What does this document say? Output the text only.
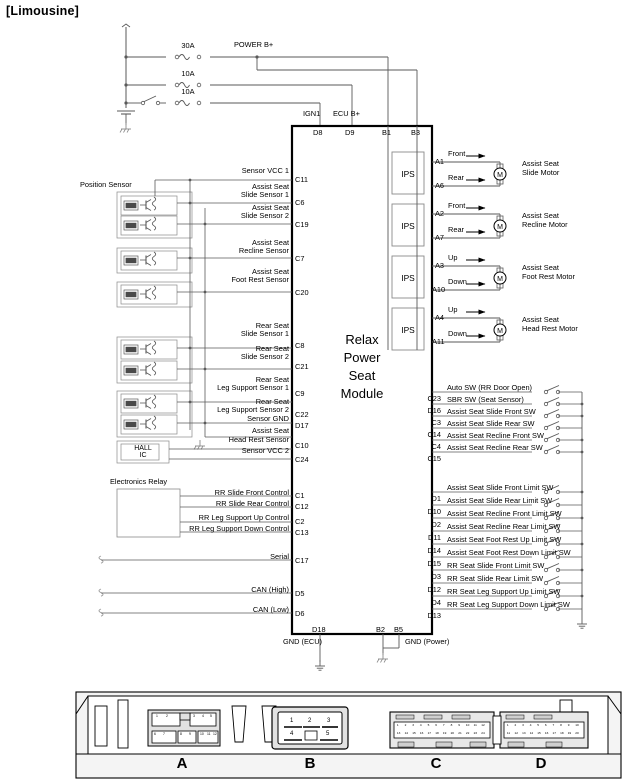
[Limousine]
M
M
M
M
30A
10A
10A
POWER B+
IGN1 ECU B+
D8	D9	B1	B3
Relax
Power
Seat
Module
IPS
IPS
IPS
IPS
A1
A6
Front
Rear
Assist Seat
Slide Motor
A2
A7
Front
Rear
Assist Seat
Recline Motor
A3
A10
Up
Down
Assist Seat
Foot Rest Motor
A4
A11
Up
Down
Assist Seat
Head Rest Motor
Position Sensor
HALL
IC
Electronics Relay
Sensor VCC 1
C11
Assist Seat
Slide Sensor 1
C6
Assist Seat
Slide Sensor 2
C19
Assist Seat
Recline Sensor
C7
Assist Seat
Foot Rest Sensor
C20
Rear Seat
Slide Sensor 1
C8
Rear Seat
Slide Sensor 2
C21
Rear Seat
Leg Support Sensor 1
C9
Rear Seat
Leg Support Sensor 2
C22
Sensor GND
D17
Assist Seat
Head Rest Sensor
C10
Sensor VCC 2
C24
RR Slide Front Control C1
RR Slide Rear Control C12
RR Leg Support Up Control C2
RR Leg Support Down Control C13
Serial C17
CAN (High) D5
CAN (Low) D6
D18
GND (ECU)
B2 B5
GND (Power)
C23
Auto SW (RR Door Open)
D16
SBR SW (Seat Sensor)
C3
Assist Seat Slide Front SW
C14
Assist Seat Slide Rear SW
C4
Assist Seat Recline Front SW
C15
Assist Seat Recline Rear SW
D1
Assist Seat Slide Front Limit SW
D10
Assist Seat Slide Rear Limit SW
D2
Assist Seat Recline Front Limit SW
D11
Assist Seat Recline Rear Limit SW
D14
Assist Seat Foot Rest Up Limit SW
D15
Assist Seat Foot Rest Down Limit SW
D3
RR Seat Slide Front Limit SW
D12
RR Seat Slide Rear Limit SW
D4
RR Seat Leg Support Up Limit SW
D13
RR Seat Leg Support Down Limit SW
1 2	3 4 5
6 7	8 9	10 11 12
1 2	3
4	5
A	B	C	D
1 2 3 4 5 6 7 8 9 10 11 12
13 14 15 16 17 18 19 20 21 22 23 24
1 2 3 4 5 6 7 8 9 10
11 12 13 14 15 16 17 18 19 20
